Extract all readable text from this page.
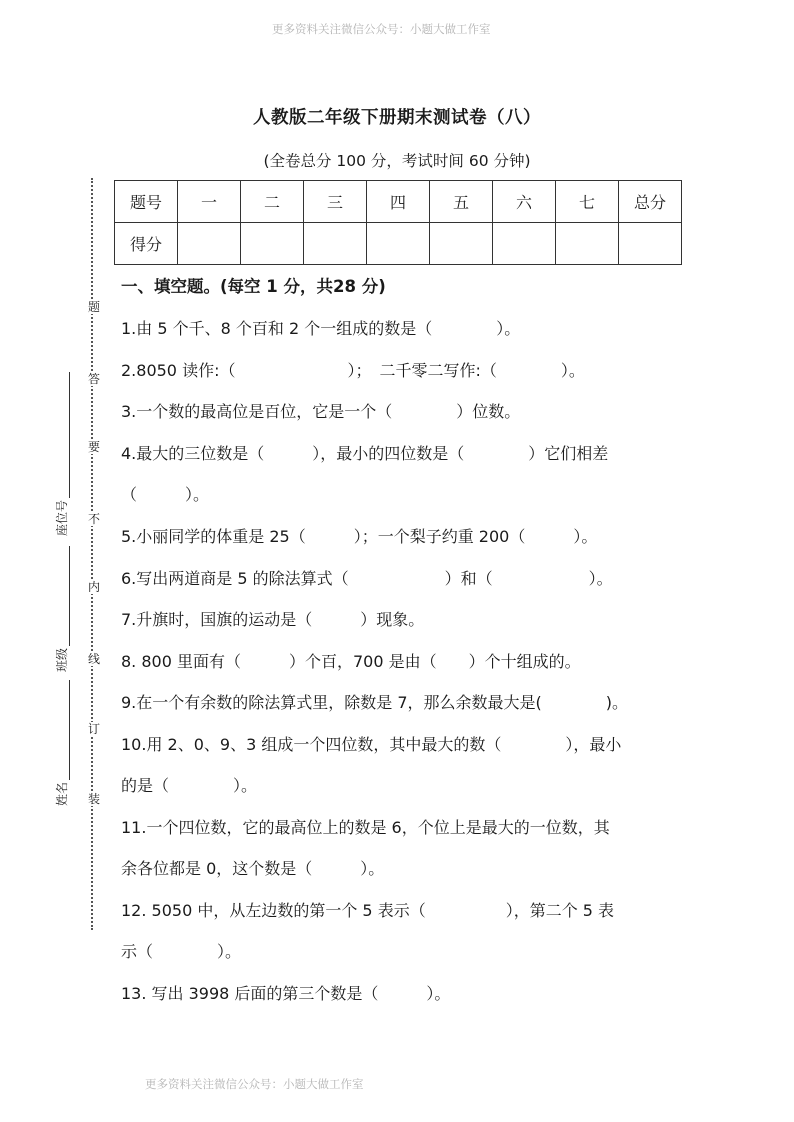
更多资料关注微信公众号：小题大做工作室
人教版二年级下册期末测试卷（八）
(全卷总分 100 分，考试时间 60 分钟)
题号	一	二	三	四	五	六	七	总分
得分								
题
答
要
不
内
线
订
装
座位号
班级
姓名
一、填空题。(每空 1 分，共28 分)
1.由 5 个千、8 个百和 2 个一组成的数是（　　　　）。
2.8050 读作:（　　　　　　　）；　二千零二写作:（　　　　）。
3.一个数的最高位是百位，它是一个（　　　　）位数。
4.最大的三位数是（　　　），最小的四位数是（　　　　）它们相差
（　　　）。
5.小丽同学的体重是 25（　　　）；一个梨子约重 200（　　　）。
6.写出两道商是 5 的除法算式（　　　　　　）和（　　　　　　）。
7.升旗时，国旗的运动是（　　　）现象。
8. 800 里面有（　　　）个百，700 是由（　　）个十组成的。
9.在一个有余数的除法算式里，除数是 7，那么余数最大是(　　　　)。
10.用 2、0、9、3 组成一个四位数，其中最大的数（　　　　），最小
的是（　　　　）。
11.一个四位数，它的最高位上的数是 6，个位上是最大的一位数，其
余各位都是 0，这个数是（　　　）。
12. 5050 中，从左边数的第一个 5 表示（　　　　　），第二个 5 表
示（　　　　）。
13. 写出 3998 后面的第三个数是（　　　）。
更多资料关注微信公众号：小题大做工作室
